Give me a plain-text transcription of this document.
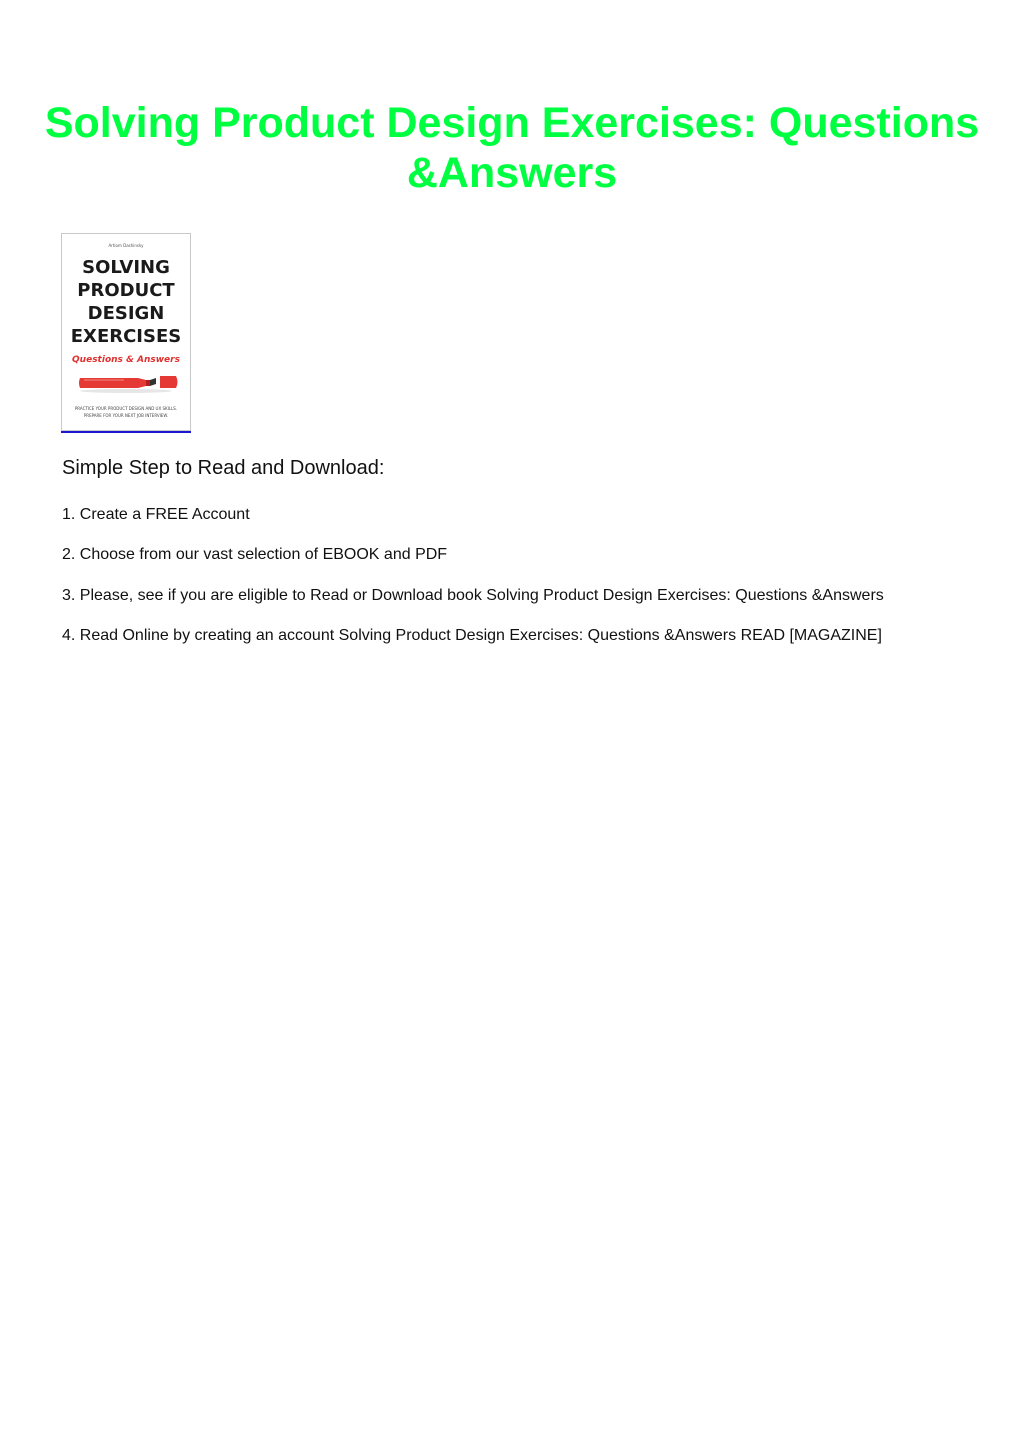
Solving Product Design Exercises: Questions &Answers
Artiom Dashinsky
SOLVING
PRODUCT
DESIGN
EXERCISES
Questions & Answers
PRACTICE YOUR PRODUCT DESIGN AND UX SKILLS.
PREPARE FOR YOUR NEXT JOB INTERVIEW.
Simple Step to Read and Download:

1. Create a FREE Account

2. Choose from our vast selection of EBOOK and PDF

3. Please, see if you are eligible to Read or Download book Solving Product Design Exercises: Questions &Answers

4. Read Online by creating an account Solving Product Design Exercises: Questions &Answers READ [MAGAZINE]
